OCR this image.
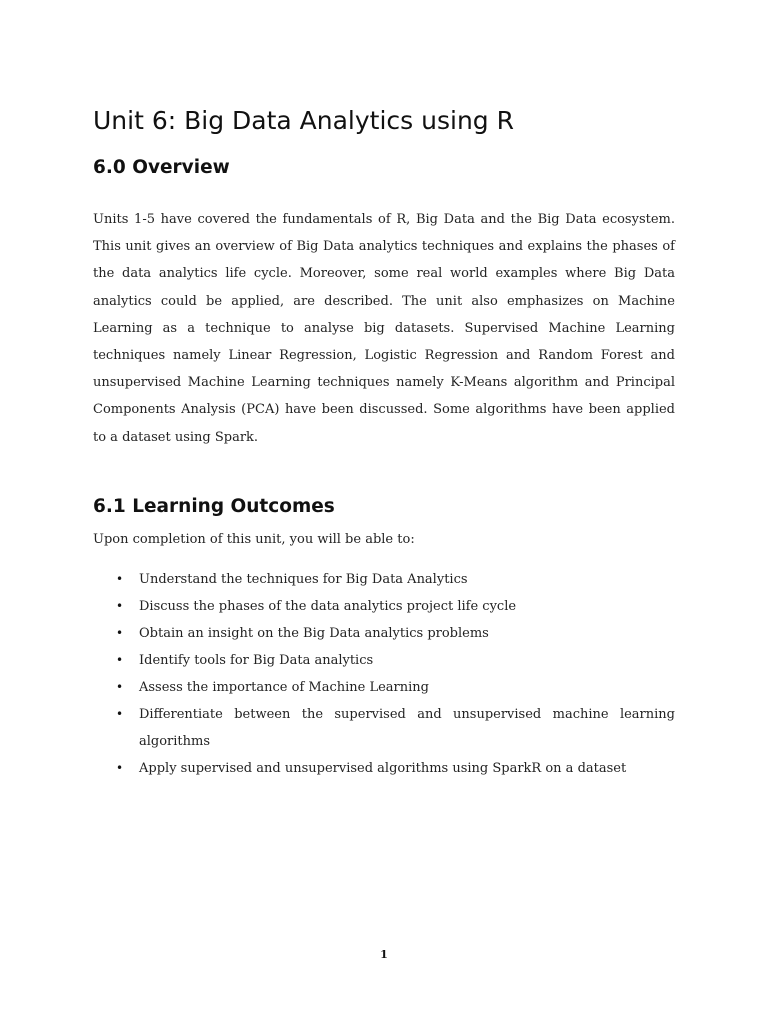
Unit 6: Big Data Analytics using R
6.0 Overview

Units 1-5 have covered the fundamentals of R, Big Data and the Big Data ecosystem. This unit gives an overview of Big Data analytics techniques and explains the phases of the data analytics life cycle. Moreover, some real world examples where Big Data analytics could be applied, are described. The unit also emphasizes on Machine Learning as a technique to analyse big datasets. Supervised Machine Learning techniques namely Linear Regression, Logistic Regression and Random Forest and unsupervised Machine Learning techniques namely K-Means algorithm and Principal Components Analysis (PCA) have been discussed. Some algorithms have been applied to a dataset using Spark.

6.1 Learning Outcomes

Upon completion of this unit, you will be able to:

• Understand the techniques for Big Data Analytics
• Discuss the phases of the data analytics project life cycle
• Obtain an insight on the Big Data analytics problems
• Identify tools for Big Data analytics
• Assess the importance of Machine Learning
• Differentiate between the supervised and unsupervised machine learning algorithms
• Apply supervised and unsupervised algorithms using SparkR on a dataset
1
